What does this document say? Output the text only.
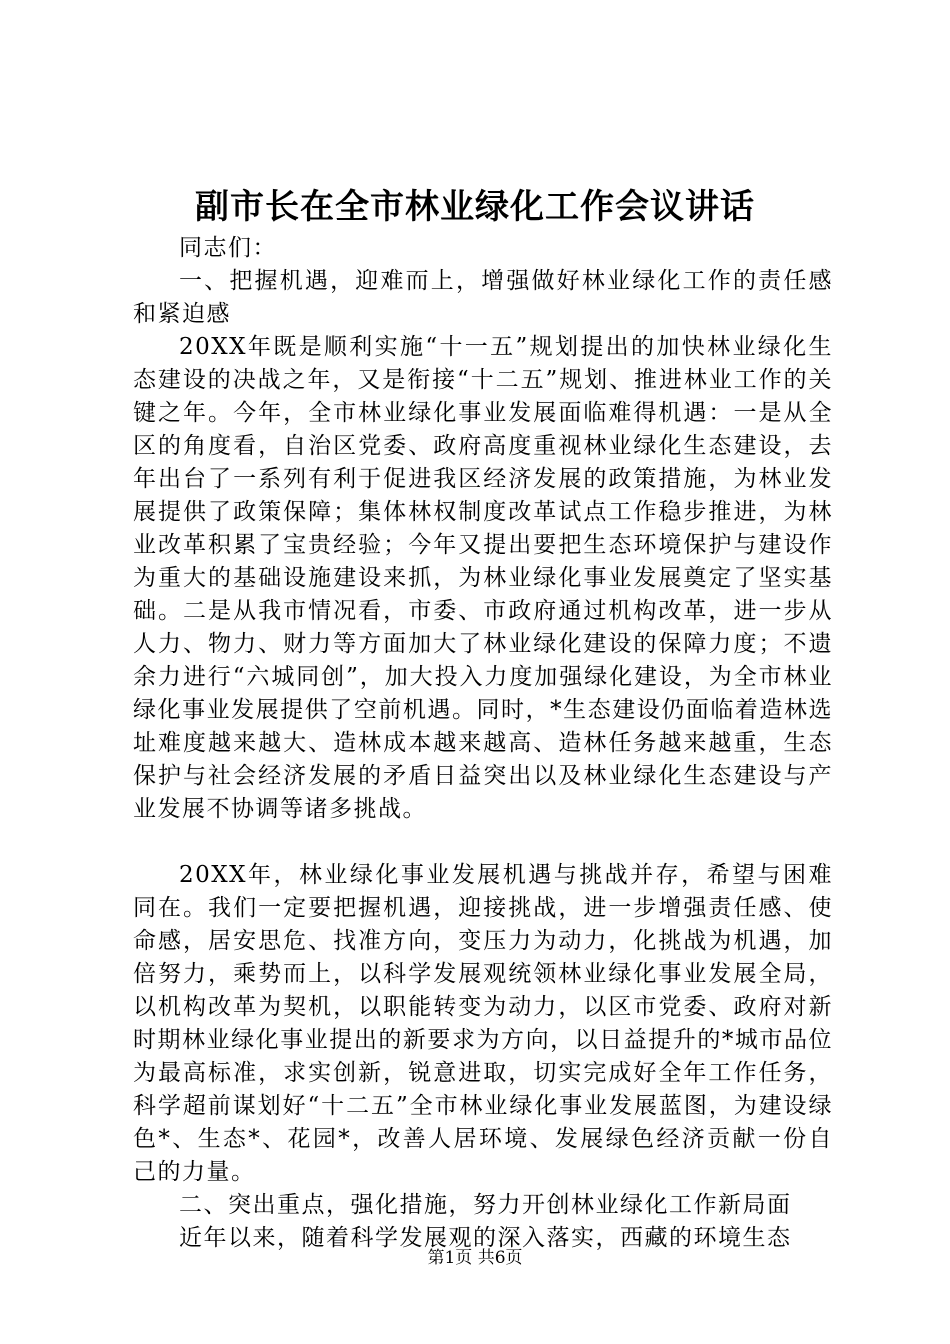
副市长在全市林业绿化工作会议讲话

同志们：

一、把握机遇，迎难而上，增强做好林业绿化工作的责任感和紧迫感

20XX年既是顺利实施“十一五”规划提出的加快林业绿化生态建设的决战之年，又是衔接“十二五”规划、推进林业工作的关键之年。今年，全市林业绿化事业发展面临难得机遇：一是从全区的角度看，自治区党委、政府高度重视林业绿化生态建设，去年出台了一系列有利于促进我区经济发展的政策措施，为林业发展提供了政策保障；集体林权制度改革试点工作稳步推进，为林业改革积累了宝贵经验；今年又提出要把生态环境保护与建设作为重大的基础设施建设来抓，为林业绿化事业发展奠定了坚实基础。二是从我市情况看，市委、市政府通过机构改革，进一步从人力、物力、财力等方面加大了林业绿化建设的保障力度；不遗余力进行“六城同创”，加大投入力度加强绿化建设，为全市林业绿化事业发展提供了空前机遇。同时，*生态建设仍面临着造林选址难度越来越大、造林成本越来越高、造林任务越来越重，生态保护与社会经济发展的矛盾日益突出以及林业绿化生态建设与产业发展不协调等诸多挑战。

20XX年，林业绿化事业发展机遇与挑战并存，希望与困难同在。我们一定要把握机遇，迎接挑战，进一步增强责任感、使命感，居安思危、找准方向，变压力为动力，化挑战为机遇，加倍努力，乘势而上，以科学发展观统领林业绿化事业发展全局，以机构改革为契机，以职能转变为动力，以区市党委、政府对新时期林业绿化事业提出的新要求为方向，以日益提升的*城市品位为最高标准，求实创新，锐意进取，切实完成好全年工作任务，科学超前谋划好“十二五”全市林业绿化事业发展蓝图，为建设绿色*、生态*、花园*，改善人居环境、发展绿色经济贡献一份自己的力量。

二、突出重点，强化措施，努力开创林业绿化工作新局面

近年以来，随着科学发展观的深入落实，西藏的环境生态

第1页 共6页
